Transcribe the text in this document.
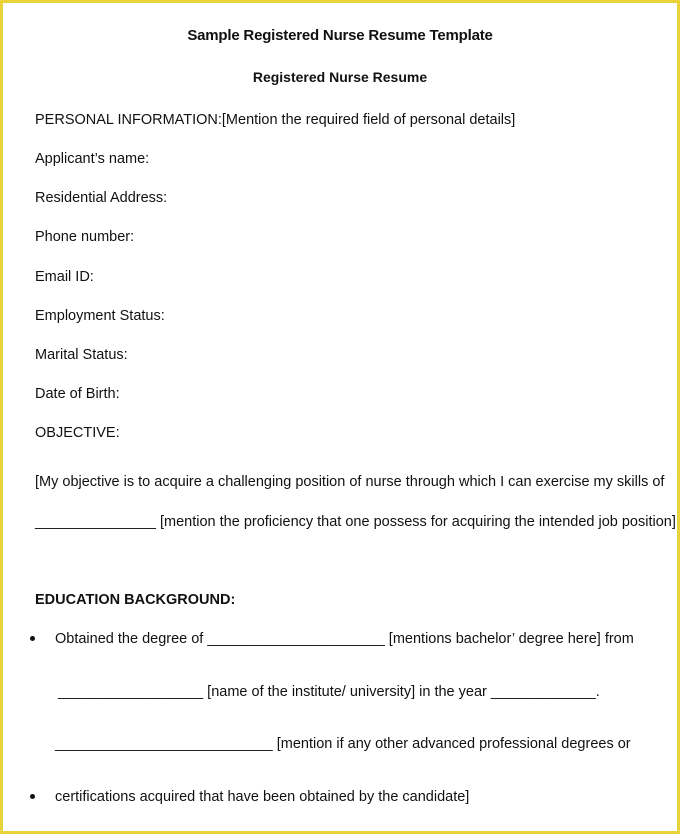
Sample Registered Nurse Resume Template
Registered Nurse Resume
PERSONAL INFORMATION:[Mention the required field of personal details]
Applicant’s name:
Residential Address:
Phone number:
Email ID:
Employment Status:
Marital Status:
Date of Birth:
OBJECTIVE:
[My objective is to acquire a challenging position of nurse through which I can exercise my skills of
_______________ [mention the proficiency that one possess for acquiring the intended job position]
EDUCATION BACKGROUND:
Obtained the degree of ______________________ [mentions bachelor’ degree here] from
__________________ [name of the institute/ university] in the year _____________.
___________________________ [mention if any other advanced professional degrees or
certifications acquired that have been obtained by the candidate]
